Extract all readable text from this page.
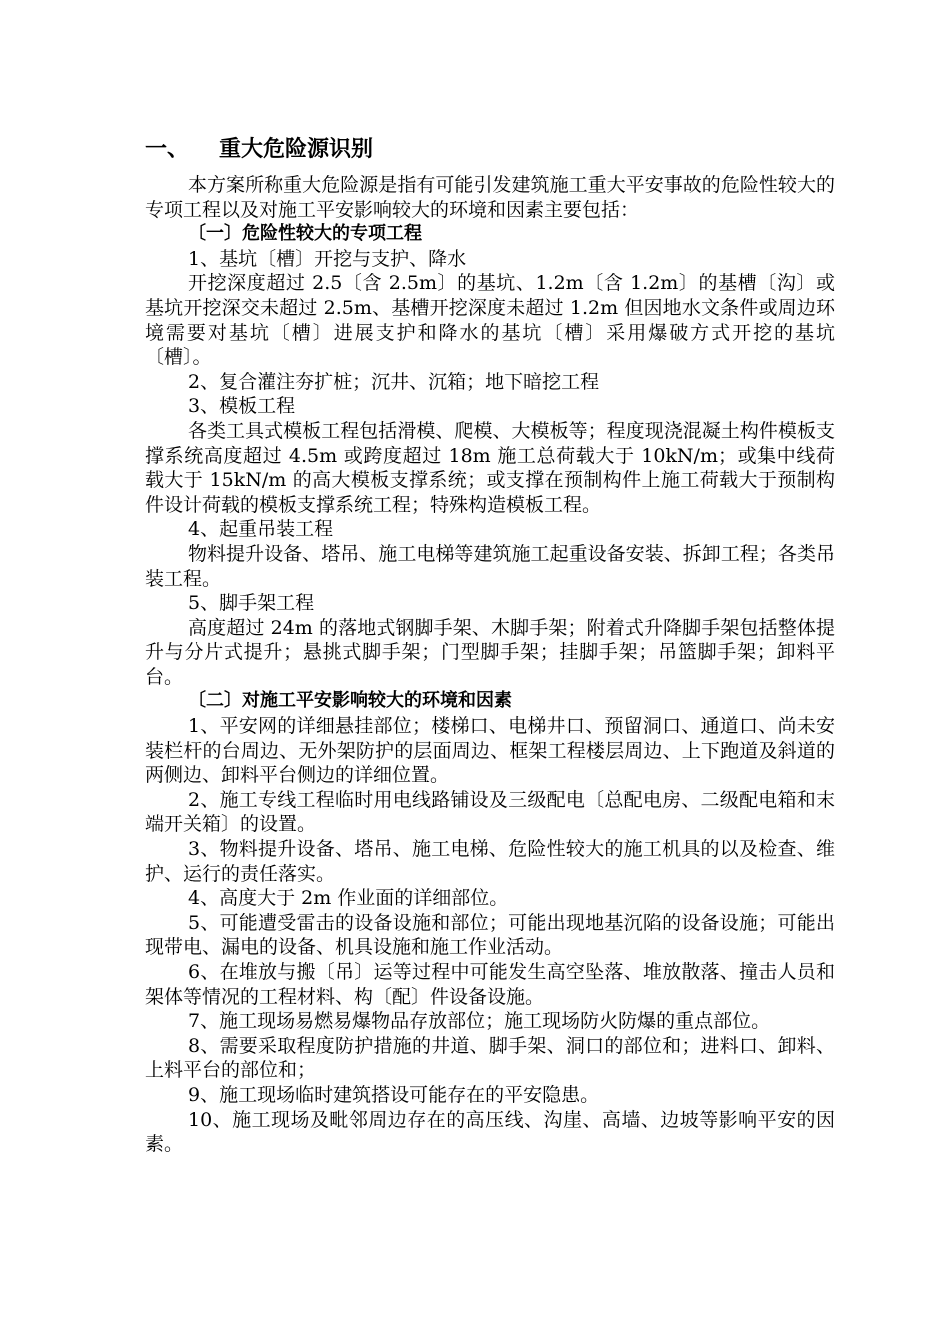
一、 重大危险源识别

本方案所称重大危险源是指有可能引发建筑施工重大平安事故的危险性较大的专项工程以及对施工平安影响较大的环境和因素主要包括：

〔一〕危险性较大的专项工程

1、基坑〔槽〕开挖与支护、降水

开挖深度超过 2.5〔含 2.5m〕的基坑、1.2m〔含 1.2m〕的基槽〔沟〕或基坑开挖深交未超过 2.5m、基槽开挖深度未超过 1.2m 但因地水文条件或周边环境需要对基坑〔槽〕进展支护和降水的基坑〔槽〕采用爆破方式开挖的基坑〔槽〕。

2、复合灌注夯扩桩；沉井、沉箱；地下暗挖工程

3、模板工程

各类工具式模板工程包括滑模、爬模、大模板等；程度现浇混凝土构件模板支撑系统高度超过 4.5m 或跨度超过 18m 施工总荷载大于 10kN/m；或集中线荷载大于 15kN/m 的高大模板支撑系统；或支撑在预制构件上施工荷载大于预制构件设计荷载的模板支撑系统工程；特殊构造模板工程。

4、起重吊装工程

物料提升设备、塔吊、施工电梯等建筑施工起重设备安装、拆卸工程；各类吊装工程。

5、脚手架工程

高度超过 24m 的落地式钢脚手架、木脚手架；附着式升降脚手架包括整体提升与分片式提升；悬挑式脚手架；门型脚手架；挂脚手架；吊篮脚手架；卸料平台。

〔二〕对施工平安影响较大的环境和因素

1、平安网的详细悬挂部位；楼梯口、电梯井口、预留洞口、通道口、尚未安装栏杆的台周边、无外架防护的层面周边、框架工程楼层周边、上下跑道及斜道的两侧边、卸料平台侧边的详细位置。

2、施工专线工程临时用电线路铺设及三级配电〔总配电房、二级配电箱和末端开关箱〕的设置。

3、物料提升设备、塔吊、施工电梯、危险性较大的施工机具的以及检查、维护、运行的责任落实。

4、高度大于 2m 作业面的详细部位。

5、可能遭受雷击的设备设施和部位；可能出现地基沉陷的设备设施；可能出现带电、漏电的设备、机具设施和施工作业活动。

6、在堆放与搬〔吊〕运等过程中可能发生高空坠落、堆放散落、撞击人员和架体等情况的工程材料、构〔配〕件设备设施。

7、施工现场易燃易爆物品存放部位；施工现场防火防爆的重点部位。

8、需要采取程度防护措施的井道、脚手架、洞口的部位和；进料口、卸料、上料平台的部位和；

9、施工现场临时建筑搭设可能存在的平安隐患。

10、施工现场及毗邻周边存在的高压线、沟崖、高墙、边坡等影响平安的因素。
